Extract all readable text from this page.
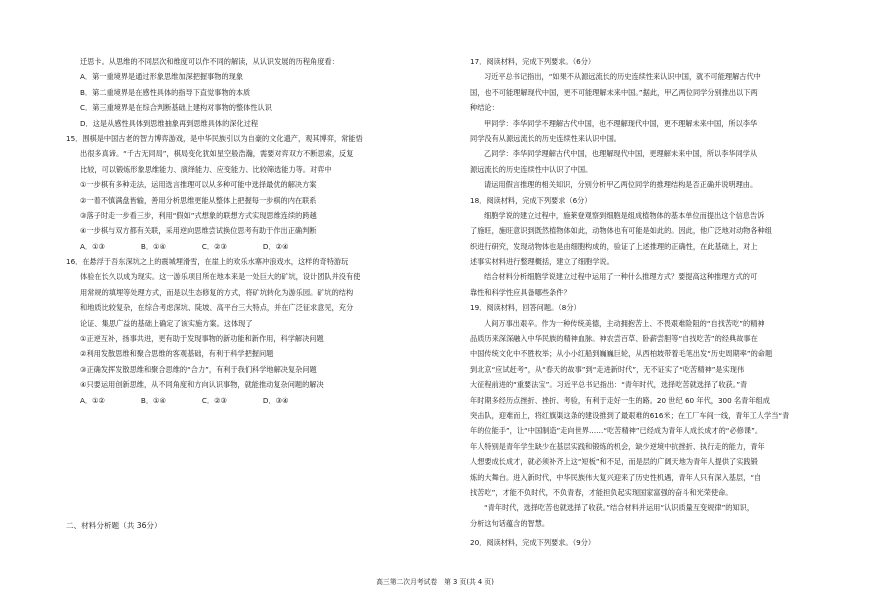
迁思卡。从思维的不同层次和维度可以作不同的解读，从认识发展的历程角度看：
A．第一重境界是通过形象思维加深把握事物的现象
B．第二重境界是在感性具体的指导下直觉事物的本质
C．第三重境界是在综合判断基础上建构对事物的整体性认识
D．这是从感性具体到思维抽象再到思维具体的深化过程
15．围棋是中国古老的智力博弈游戏，是中华民族引以为自豪的文化遗产，观其博弈，常能悟
出很多真谛。“千古无同局”，棋局变化犹如星空般浩瀚，需要对弈双方不断思索，反复
比较，可以锻炼形象思维能力、演绎能力、应变能力、比较筛选能力等。对弈中
①一步棋有多种走法，运用选言推理可以从多种可能中选择最优的解决方案
②一着不慎满盘皆输，善用分析思维更能从整体上把握每一步棋的内在联系
③落子时走一步看三步，利用“假如”式想象的联想方式实现思维连续的跨越
④一步棋与双方都有关联，采用逆向思维尝试换位思考有助于作出正确判断
A．①③　　　　　B．①④　　　　　C．②③　　　　　D．②④
16．在悬浮于吾东深坑之上的震城埋滑雪，在崖上的欢乐水寨冲浪戏水，这样的奇特游玩
体验在长久以成为现实。这一游乐项目所在地本来是一处巨大的矿坑，设计团队并没有使
用常规的填埋等处理方式，而是以生态修复的方式，将矿坑转化为游乐园。矿坑的结构
和地质比较复杂，在综合考虑深坑、陡坡、高平台三大特点，并在广泛征求意见，充分
论证、集思广益的基础上确定了该实施方案。这体现了
①正逆互补，扬事共进，更有助于发现事物的新功能和新作用，科学解决问题
②利用发散思维和聚合思维的客观基础，有利于科学把握问题
③正确发挥发散思维和聚合思维的“合力”，有利于我们科学地解决复杂问题
④只要运用创新思维，从不同角度和方向认识事物，就能推动复杂问题的解决
A．①②　　　　　B．①④　　　　　C．②③　　　　　D．③④
17．阅读材料，完成下列要求。（6分）
习近平总书记指出，“如果不从源远流长的历史连续性来认识中国，就不可能理解古代中
国，也不可能理解现代中国，更不可能理解未来中国。”据此，甲乙两位同学分别推出以下两
种结论：
甲同学：李华同学不理解古代中国，也不理解现代中国，更不理解未来中国，所以李华
同学没有从源远流长的历史连续性来认识中国。
乙同学：李华同学理解古代中国，也理解现代中国，更理解未来中国，所以李华同学从
源远流长的历史连续性中认识了中国。
请运用假言推理的相关知识，分别分析甲乙两位同学的推理结构是否正确并说明理由。
18．阅读材料，完成下列要求（6分）
细胞学说的建立过程中，施莱登观察到细胞是组成植物体的基本单位而提出这个信息告诉
了施旺，施旺意识到既然植物体如此，动物体也有可能是如此的。因此，他广泛地对动物各种组
织进行研究，发现动物体也是由细胞构成的，验证了上述推理的正确性，在此基础上，对上
述事实材料进行整理概括，建立了细胞学说。
结合材料分析细胞学说建立过程中运用了一种什么推理方式？要提高这种推理方式的可
靠性和科学性应具备哪些条件？
19．阅读材料，回答问题。（8分）
人间万事出艰辛。作为一种传统美德，主动拥抱苦上、不畏艰难险阻的“自找苦吃”的精神
品质历来深深融入中华民族的精神血脉。神农尝百草、卧薪尝胆等“自找吃苦”的经典故事在
中国传统文化中不胜枚举；从小小红船到巍巍巨轮，从西柏坡带着毛笔出发“历史周期率”的命题
到北京“应试赶考”，从“春天的故事”到“走进新时代”，无不证实了“吃苦精神”是实现伟
大征程前进的“重要法宝”。习近平总书记指出：“青年时代，选择吃苦就选择了收获。”青
年时期多经历点挫折、挫折、考验，有利于走好一生的路。20 世纪 60 年代，300 名青年组成
突击队，迎难而上，将红旗渠这条的建设推到了最艰难的616米；在工厂车间一线，青年工人学当“青
年的位能手”，让“中国制造”走向世界……“吃苦精神”已经成为青年人成长成才的“必修课”。
年人特别是青年学生缺少在基层实践和锻炼的机会，缺少逆境中抗挫折、执行走的能力，青年
人想要成长成才，就必须补齐上这“短板”和不足，而是层的广阔天地为青年人提供了实践锻
炼的大舞台。进入新时代，中华民族伟大复兴迎来了历史性机遇，青年人只有深入基层，“自
找苦吃”，才能不负时代，不负青春，才能担负起实现国家富强的奋斗和光荣使命。
“青年时代，选择吃苦也就选择了收获。”结合材料并运用“认识质量互变规律”的知识，
分析这句话蕴含的智慧。
二、材料分析题（共 36分）
20．阅读材料，完成下列要求。（9分）
高三第二次月考试卷　第 3 页(共 4 页)
